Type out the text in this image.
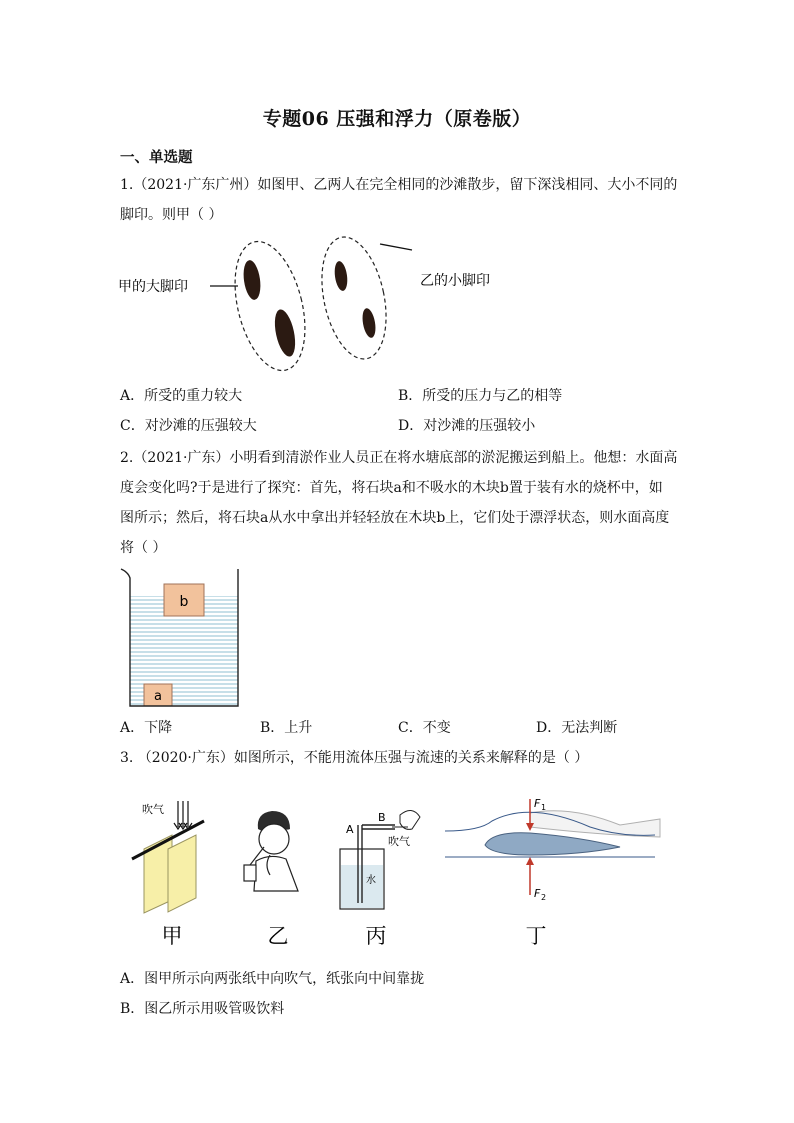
专题06 压强和浮力（原卷版）
一、单选题
1.（2021·广东广州）如图甲、乙两人在完全相同的沙滩散步，留下深浅相同、大小不同的
脚印。则甲（ ）
甲的大脚印	乙的小脚印
A．所受的重力较大	B．所受的压力与乙的相等
C．对沙滩的压强较大	D．对沙滩的压强较小
2.（2021·广东）小明看到清淤作业人员正在将水塘底部的淤泥搬运到船上。他想：水面高
度会变化吗?于是进行了探究：首先，将石块a和不吸水的木块b置于装有水的烧杯中，如
图所示；然后，将石块a从水中拿出并轻轻放在木块b上，它们处于漂浮状态，则水面高度
将（ ）
b
a
A．下降	B．上升	C．不变	D．无法判断
3. （2020·广东）如图所示，不能用流体压强与流速的关系来解释的是（ ）
吹气
A
B
吹气
水
F 1
F 2
甲	乙	丙	丁
A．图甲所示向两张纸中向吹气，纸张向中间靠拢
B．图乙所示用吸管吸饮料
